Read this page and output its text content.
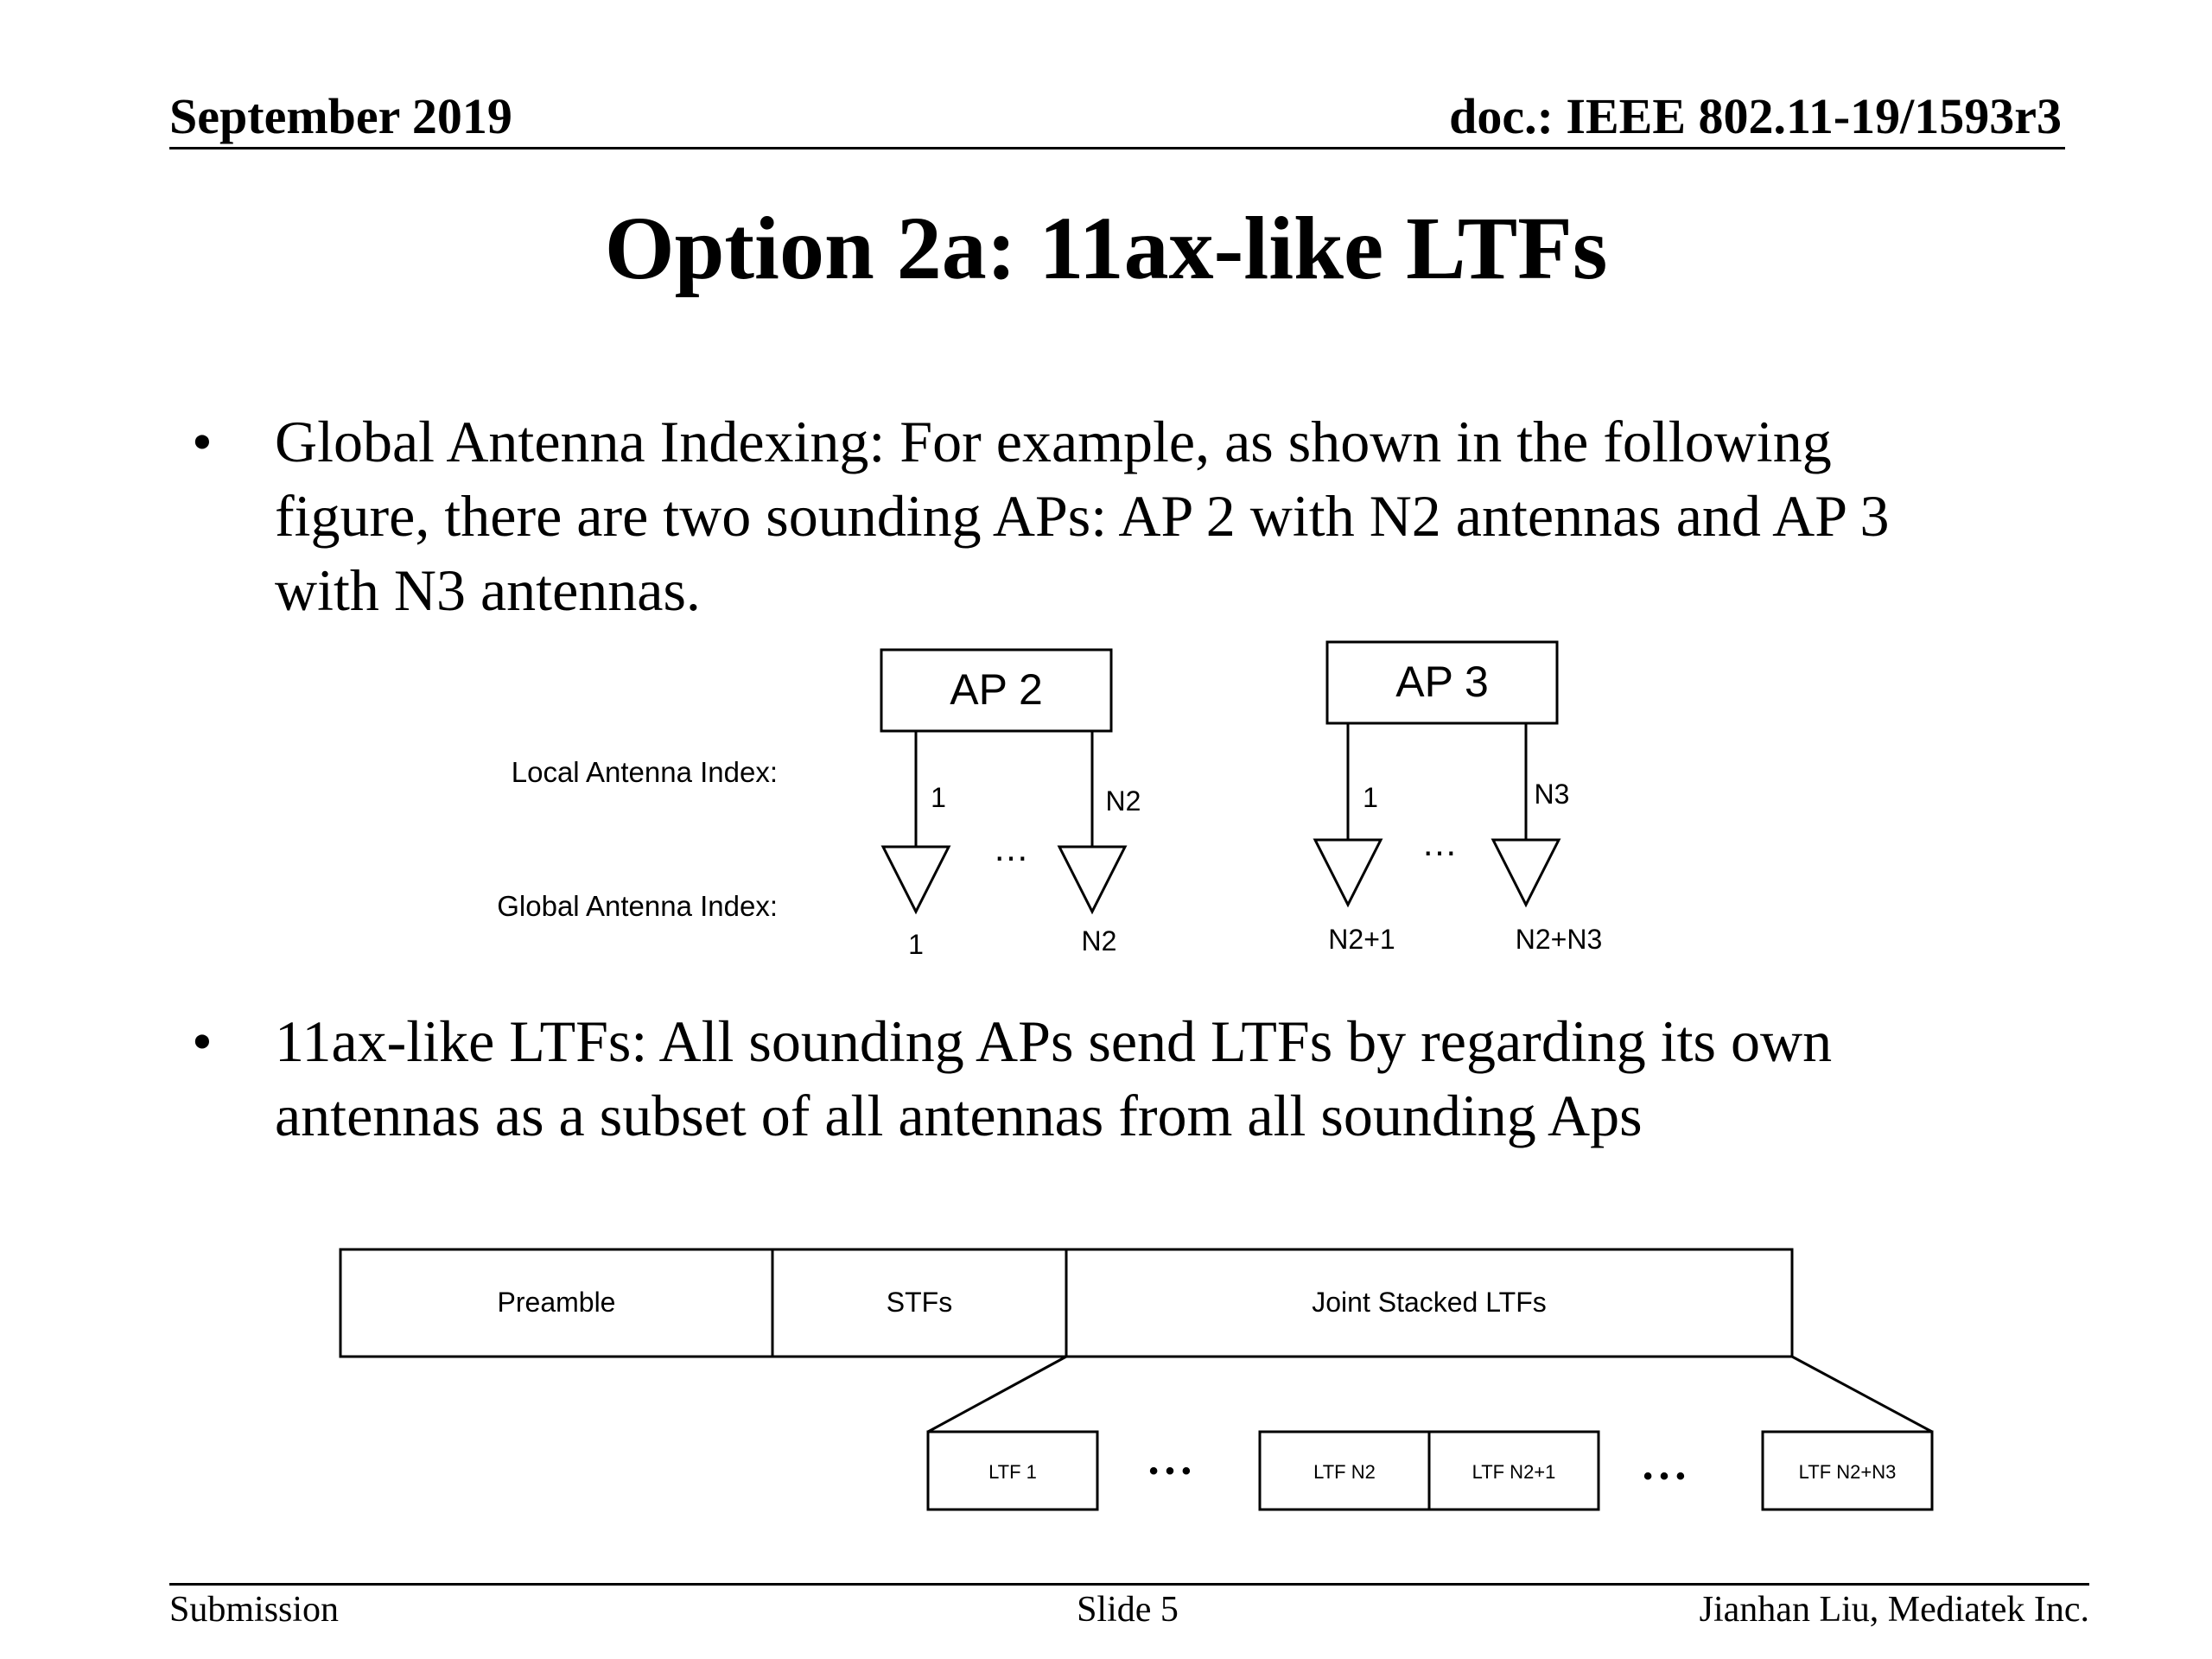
September 2019	doc.: IEEE 802.11-19/1593r3
Option 2a: 11ax-like LTFs
• Global Antenna Indexing: For example, as shown in the following
figure, there are two sounding APs: AP 2 with N2 antennas and AP 3
with N3 antennas.
Local Antenna Index:
Global Antenna Index:
AP 2
1	N2
…
1	N2
AP 3
1	N3
…
N2+1	N2+N3
• 11ax-like LTFs: All sounding APs send LTFs by regarding its own
antennas as a subset of all antennas from all sounding Aps
Preamble	STFs	Joint Stacked LTFs
LTF 1	LTF N2	LTF N2+1	LTF N2+N3
• • •	• • •
Submission	Slide 5	Jianhan Liu, Mediatek Inc.
